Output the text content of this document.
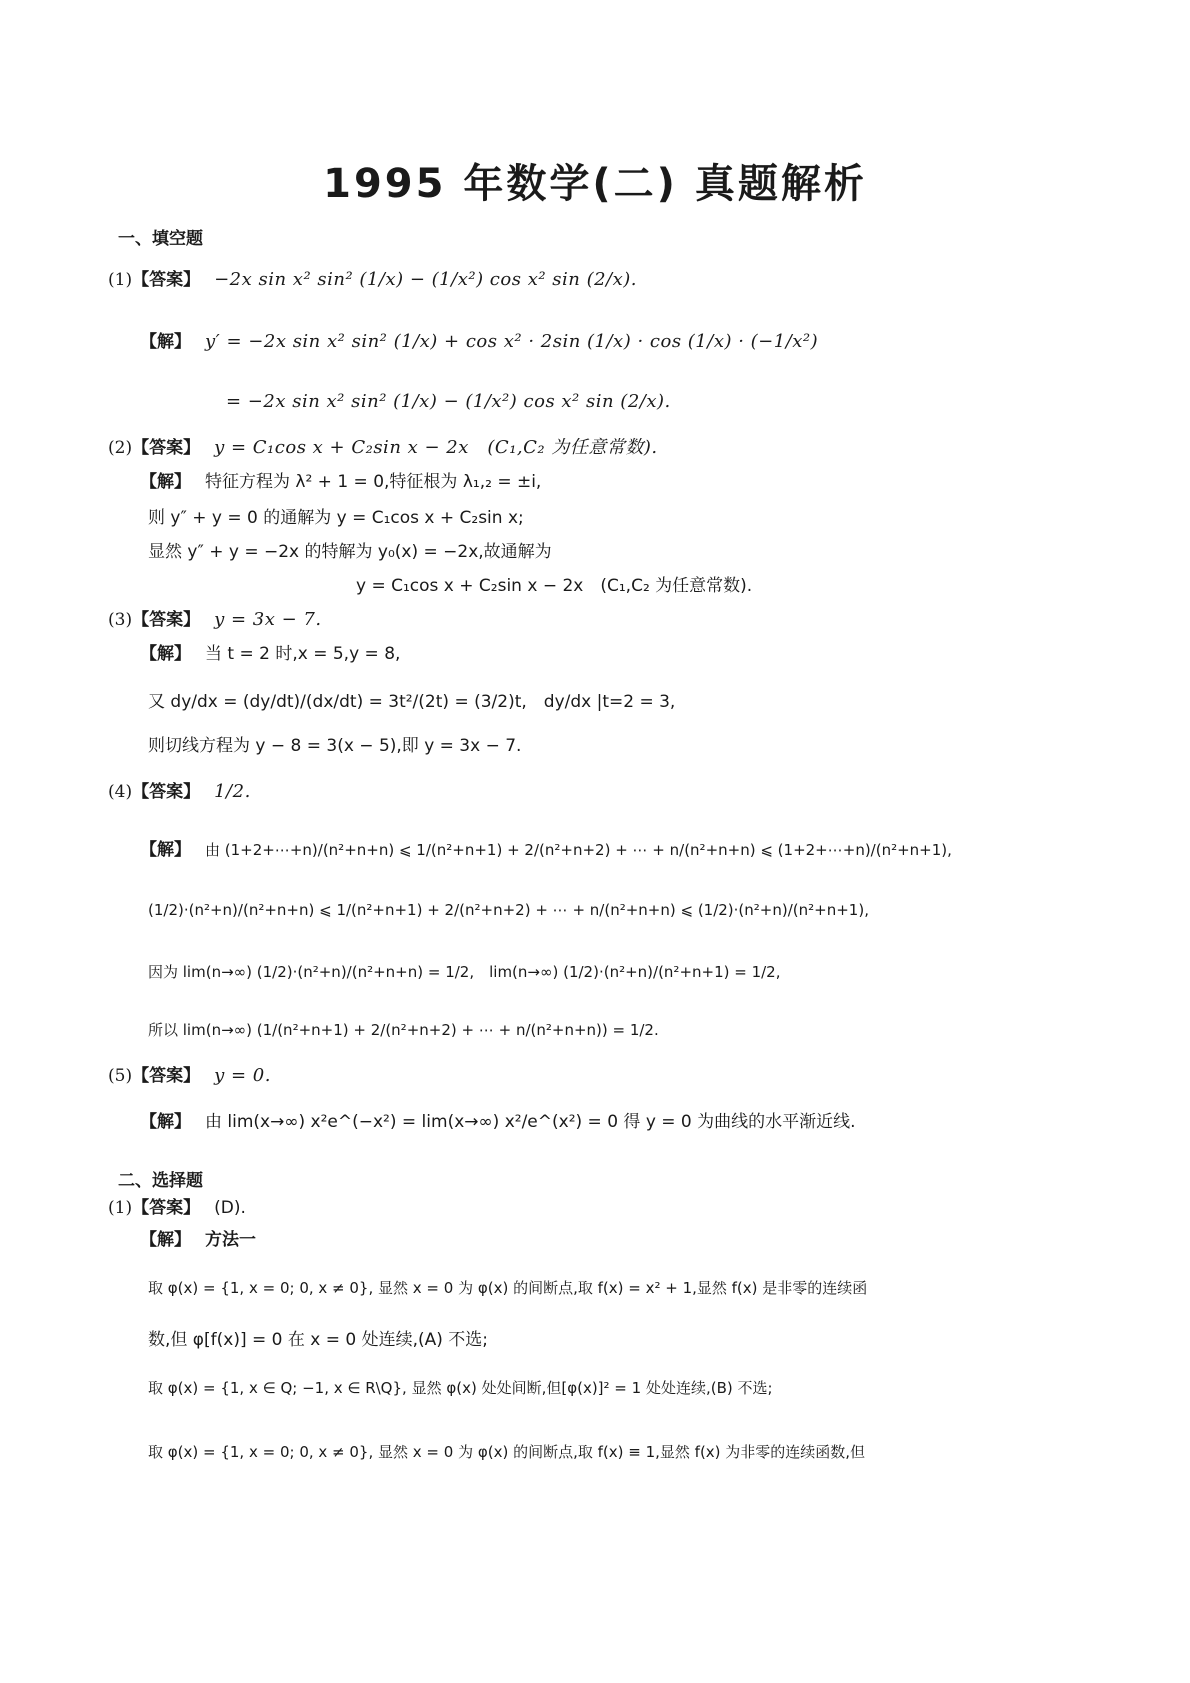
1995 年数学(二) 真题解析
一、填空题
(1)【答案】 −2x sin x² sin² (1/x) − (1/x²) cos x² sin (2/x).
【解】 y′ = −2x sin x² sin² (1/x) + cos x² · 2sin (1/x) · cos (1/x) · (−1/x²)
= −2x sin x² sin² (1/x) − (1/x²) cos x² sin (2/x).
(2)【答案】 y = C₁cos x + C₂sin x − 2x　(C₁,C₂ 为任意常数).
【解】 特征方程为 λ² + 1 = 0,特征根为 λ₁,₂ = ±i,
则 y″ + y = 0 的通解为 y = C₁cos x + C₂sin x;
显然 y″ + y = −2x 的特解为 y₀(x) = −2x,故通解为
y = C₁cos x + C₂sin x − 2x　(C₁,C₂ 为任意常数).
(3)【答案】 y = 3x − 7.
【解】 当 t = 2 时,x = 5,y = 8,
又 dy/dx = (dy/dt)/(dx/dt) = 3t²/(2t) = (3/2)t,　dy/dx |t=2 = 3,
则切线方程为 y − 8 = 3(x − 5),即 y = 3x − 7.
(4)【答案】 1/2.
【解】 由 (1+2+⋯+n)/(n²+n+n) ⩽ 1/(n²+n+1) + 2/(n²+n+2) + ⋯ + n/(n²+n+n) ⩽ (1+2+⋯+n)/(n²+n+1),
(1/2)·(n²+n)/(n²+n+n) ⩽ 1/(n²+n+1) + 2/(n²+n+2) + ⋯ + n/(n²+n+n) ⩽ (1/2)·(n²+n)/(n²+n+1),
因为 lim(n→∞) (1/2)·(n²+n)/(n²+n+n) = 1/2,　lim(n→∞) (1/2)·(n²+n)/(n²+n+1) = 1/2,
所以 lim(n→∞) (1/(n²+n+1) + 2/(n²+n+2) + ⋯ + n/(n²+n+n)) = 1/2.
(5)【答案】 y = 0.
【解】 由 lim(x→∞) x²e^(−x²) = lim(x→∞) x²/e^(x²) = 0 得 y = 0 为曲线的水平渐近线.
二、选择题
(1)【答案】 (D).
【解】 方法一
取 φ(x) = {1, x = 0; 0, x ≠ 0}, 显然 x = 0 为 φ(x) 的间断点,取 f(x) = x² + 1,显然 f(x) 是非零的连续函
数,但 φ[f(x)] = 0 在 x = 0 处连续,(A) 不选;
取 φ(x) = {1, x ∈ Q; −1, x ∈ R\Q}, 显然 φ(x) 处处间断,但[φ(x)]² = 1 处处连续,(B) 不选;
取 φ(x) = {1, x = 0; 0, x ≠ 0}, 显然 x = 0 为 φ(x) 的间断点,取 f(x) ≡ 1,显然 f(x) 为非零的连续函数,但
